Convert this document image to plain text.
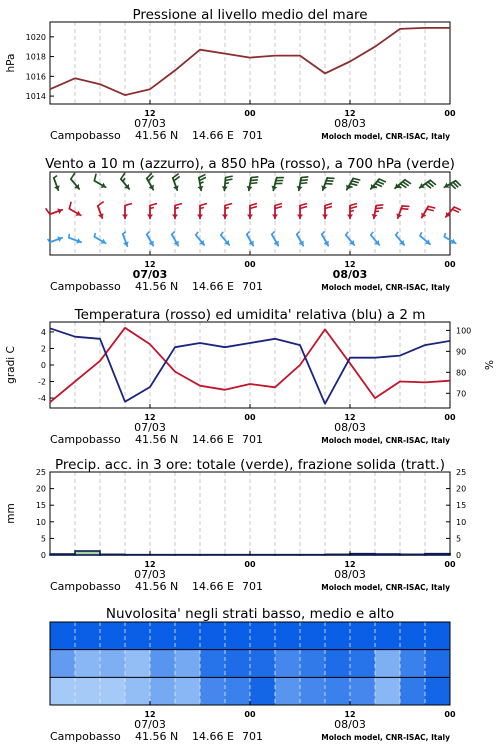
Pressione al livello medio del mare
1014
1016
1018
1020
hPa
12	00	12	00
07/03	08/03
Campobasso 41.56 N 14.66 E 701	Moloch model, CNR-ISAC, Italy
Vento a 10 m (azzurro), a 850 hPa (rosso), a 700 hPa (verde)
12	00	12	00
07/03	08/03
Campobasso 41.56 N 14.66 E 701	Moloch model, CNR-ISAC, Italy
Temperatura (rosso) ed umidita' relativa (blu) a 2 m
-4
-2
0
2
4
70
80
90
100
gradi C	%
12	00	12	00
07/03	08/03
Campobasso 41.56 N 14.66 E 701	Moloch model, CNR-ISAC, Italy
Precip. acc. in 3 ore: totale (verde), frazione solida (tratt.)
0
5
10
15
20
25
0
5
10
15
20
25
mm
12	00	12	00
07/03	08/03
Campobasso 41.56 N 14.66 E 701	Moloch model, CNR-ISAC, Italy
Nuvolosita' negli strati basso, medio e alto
12	00	12	00
07/03	08/03
Campobasso 41.56 N 14.66 E 701	Moloch model, CNR-ISAC, Italy
